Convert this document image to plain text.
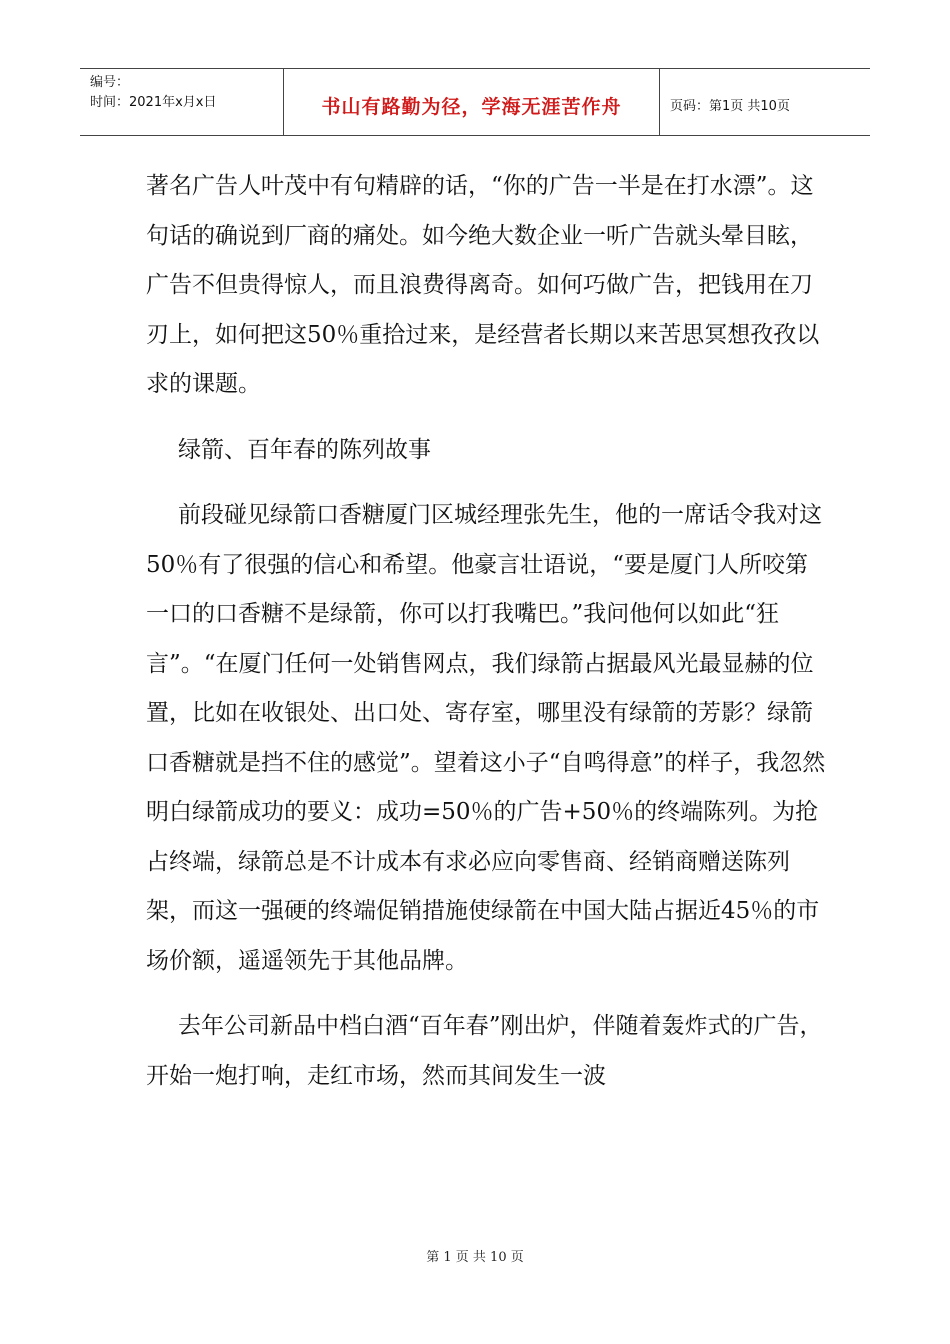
编号：
时间：2021年x月x日	书山有路勤为径，学海无涯苦作舟	页码：第1页 共10页

著名广告人叶茂中有句精辟的话，“你的广告一半是在打水漂”。这句话的确说到厂商的痛处。如今绝大数企业一听广告就头晕目眩，广告不但贵得惊人，而且浪费得离奇。如何巧做广告，把钱用在刀刃上，如何把这50％重拾过来，是经营者长期以来苦思冥想孜孜以求的课题。

绿箭、百年春的陈列故事

前段碰见绿箭口香糖厦门区城经理张先生，他的一席话令我对这50％有了很强的信心和希望。他豪言壮语说，“要是厦门人所咬第一口的口香糖不是绿箭，你可以打我嘴巴。”我问他何以如此“狂言”。“在厦门任何一处销售网点，我们绿箭占据最风光最显赫的位置，比如在收银处、出口处、寄存室，哪里没有绿箭的芳影？绿箭口香糖就是挡不住的感觉”。望着这小子“自鸣得意”的样子，我忽然明白绿箭成功的要义：成功=50％的广告+50％的终端陈列。为抢占终端，绿箭总是不计成本有求必应向零售商、经销商赠送陈列架，而这一强硬的终端促销措施使绿箭在中国大陆占据近45％的市场价额，遥遥领先于其他品牌。

去年公司新品中档白酒“百年春”刚出炉，伴随着轰炸式的广告，开始一炮打响，走红市场，然而其间发生一波

第 1 页 共 10 页
